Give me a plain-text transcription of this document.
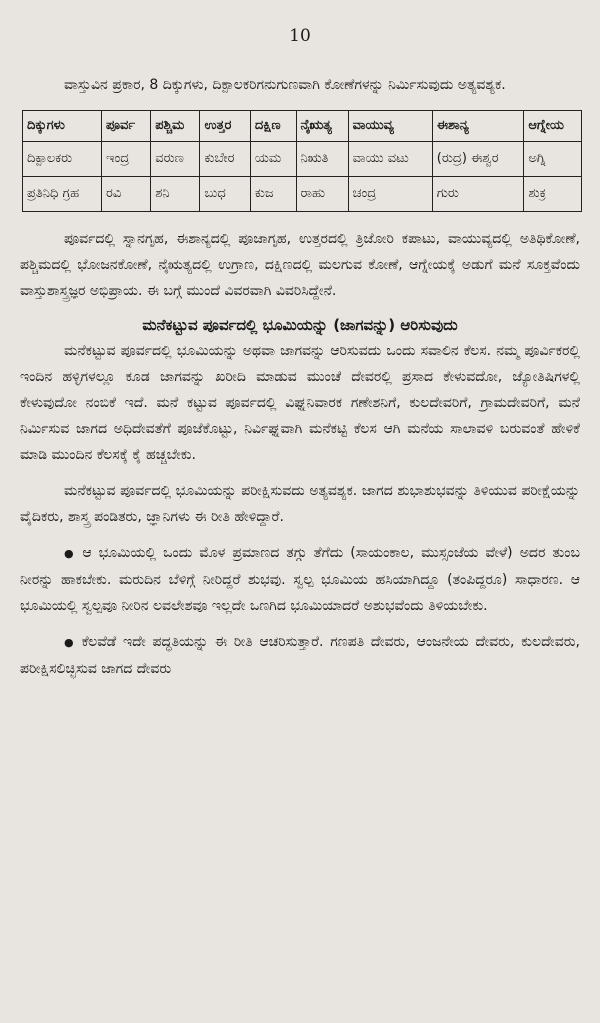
10

ವಾಸ್ತುವಿನ ಪ್ರಕಾರ, 8 ದಿಕ್ಕುಗಳು, ದಿಕ್ಪಾಲಕರಿಗನುಗುಣವಾಗಿ ಕೋಣೆಗಳನ್ನು ನಿರ್ಮಿಸುವುದು ಅತ್ಯವಶ್ಯಕ.

ದಿಕ್ಕುಗಳು	ಪೂರ್ವ	ಪಶ್ಚಿಮ	ಉತ್ತರ	ದಕ್ಷಿಣ	ನೈಋತ್ಯ	ವಾಯುವ್ಯ	ಈಶಾನ್ಯ	ಆಗ್ನೇಯ
ದಿಕ್ಪಾಲಕರು	ಇಂದ್ರ	ವರುಣ	ಕುಬೇರ	ಯಮ	ನಿಋತಿ	ವಾಯು ವಟು	(ರುದ್ರ) ಈಶ್ವರ	ಅಗ್ನಿ
ಪ್ರತಿನಿಧಿ ಗ್ರಹ	ರವಿ	ಶನಿ	ಬುಧ	ಕುಜ	ರಾಹು	ಚಂದ್ರ	ಗುರು	ಶುಕ್ರ

ಪೂರ್ವದಲ್ಲಿ ಸ್ನಾನಗೃಹ, ಈಶಾನ್ಯದಲ್ಲಿ ಪೂಜಾಗೃಹ, ಉತ್ತರದಲ್ಲಿ ತ್ರಿಜೋರಿ ಕಪಾಟು, ವಾಯುವ್ಯದಲ್ಲಿ ಅತಿಥಿಕೋಣೆ, ಪಶ್ಚಿಮದಲ್ಲಿ ಭೋಜನಕೋಣೆ, ನೈಋತ್ಯದಲ್ಲಿ ಉಗ್ರಾಣ, ದಕ್ಷಿಣದಲ್ಲಿ ಮಲಗುವ ಕೋಣೆ, ಆಗ್ನೇಯಕ್ಕೆ ಅಡುಗೆ ಮನೆ ಸೂಕ್ತವೆಂದು ವಾಸ್ತುಶಾಸ್ತ್ರಜ್ಞರ ಅಭಿಪ್ರಾಯ. ಈ ಬಗ್ಗೆ ಮುಂದೆ ವಿವರವಾಗಿ ವಿವರಿಸಿದ್ದೇನೆ.

ಮನೆಕಟ್ಟುವ ಪೂರ್ವದಲ್ಲಿ ಭೂಮಿಯನ್ನು (ಜಾಗವನ್ನು) ಆರಿಸುವುದು

ಮನೆಕಟ್ಟುವ ಪೂರ್ವದಲ್ಲಿ ಭೂಮಿಯನ್ನು ಅಥವಾ ಜಾಗವನ್ನು ಆರಿಸುವದು ಒಂದು ಸವಾಲಿನ ಕೆಲಸ. ನಮ್ಮ ಪೂರ್ವಿಕರಲ್ಲಿ ಇಂದಿನ ಹಳ್ಳಿಗಳಲ್ಲೂ ಕೂಡ ಜಾಗವನ್ನು ಖರೀದಿ ಮಾಡುವ ಮುಂಚೆ ದೇವರಲ್ಲಿ ಪ್ರಸಾದ ಕೇಳುವದೋ, ಜ್ಯೋತಿಷಿಗಳಲ್ಲಿ ಕೇಳುವುದೋ ನಂಬಿಕೆ ಇದೆ. ಮನೆ ಕಟ್ಟುವ ಪೂರ್ವದಲ್ಲಿ ವಿಘ್ನನಿವಾರಕ ಗಣೇಶನಿಗೆ, ಕುಲದೇವರಿಗೆ, ಗ್ರಾಮದೇವರಿಗೆ, ಮನೆ ನಿರ್ಮಿಸುವ ಜಾಗದ ಅಧಿದೇವತೆಗೆ ಪೂಜೆಕೊಟ್ಟು, ನಿರ್ವಿಘ್ನವಾಗಿ ಮನೆಕಟ್ಟಿ ಕೆಲಸ ಆಗಿ ಮನೆಯ ಸಾಲಾವಳಿ ಬರುವಂತೆ ಹೇಳಿಕೆ ಮಾಡಿ ಮುಂದಿನ ಕೆಲಸಕ್ಕೆ ಕೈ ಹಚ್ಚಬೇಕು.

ಮನೆಕಟ್ಟುವ ಪೂರ್ವದಲ್ಲಿ ಭೂಮಿಯನ್ನು ಪರೀಕ್ಷಿಸುವದು ಅತ್ಯವಶ್ಯಕ. ಜಾಗದ ಶುಭಾಶುಭವನ್ನು ತಿಳಿಯುವ ಪರೀಕ್ಷೆಯನ್ನು ವೈದಿಕರು, ಶಾಸ್ತ್ರ ಪಂಡಿತರು, ಜ್ಞಾನಿಗಳು ಈ ರೀತಿ ಹೇಳಿದ್ದಾರೆ.

● ಆ ಭೂಮಿಯಲ್ಲಿ ಒಂದು ಮೊಳ ಪ್ರಮಾಣದ ತಗ್ಗು ತೆಗೆದು (ಸಾಯಂಕಾಲ, ಮುಸ್ಸಂಜೆಯ ವೇಳೆ) ಅದರ ತುಂಬ ನೀರನ್ನು ಹಾಕಬೇಕು. ಮರುದಿನ ಬೆಳಿಗ್ಗೆ ನೀರಿದ್ದರೆ ಶುಭವು. ಸ್ವಲ್ಪ ಭೂಮಿಯ ಹಸಿಯಾಗಿದ್ದೂ (ತಂಪಿದ್ದರೂ) ಸಾಧಾರಣ. ಆ ಭೂಮಿಯಲ್ಲಿ ಸ್ವಲ್ಪವೂ ನೀರಿನ ಲವಲೇಶವೂ ಇಲ್ಲದೇ ಒಣಗಿದ ಭೂಮಿಯಾದರೆ ಅಶುಭವೆಂದು ತಿಳಿಯಬೇಕು.

● ಕೆಲವೆಡೆ ಇದೇ ಪದ್ಧತಿಯನ್ನು ಈ ರೀತಿ ಆಚರಿಸುತ್ತಾರೆ. ಗಣಪತಿ ದೇವರು, ಆಂಜನೇಯ ದೇವರು, ಕುಲದೇವರು, ಪರೀಕ್ಷಿಸಲಿಚ್ಛಿಸುವ ಜಾಗದ ದೇವರು
